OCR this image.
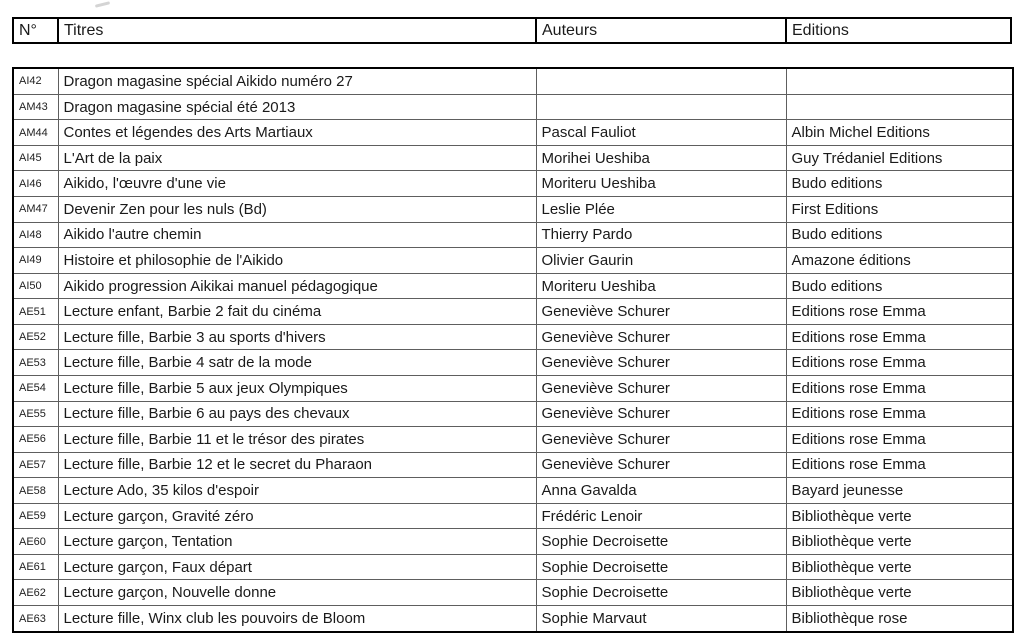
N°	Titres	Auteurs	Editions
AI42	Dragon magasine spécial Aikido numéro 27		
AM43	Dragon magasine spécial été 2013		
AM44	Contes et légendes des Arts Martiaux	Pascal Fauliot	Albin Michel Editions
AI45	L'Art de la paix	Morihei Ueshiba	Guy Trédaniel Editions
AI46	Aikido, l'œuvre d'une vie	Moriteru Ueshiba	Budo editions
AM47	Devenir Zen pour les nuls (Bd)	Leslie Plée	First Editions
AI48	Aikido l'autre chemin	Thierry Pardo	Budo editions
AI49	Histoire et philosophie de l'Aikido	Olivier Gaurin	Amazone éditions
AI50	Aikido progression Aikikai manuel pédagogique	Moriteru Ueshiba	Budo editions
AE51	Lecture enfant, Barbie 2 fait du cinéma	Geneviève Schurer	Editions rose Emma
AE52	Lecture fille, Barbie 3 au sports d'hivers	Geneviève Schurer	Editions rose Emma
AE53	Lecture fille, Barbie 4 satr de la mode	Geneviève Schurer	Editions rose Emma
AE54	Lecture fille, Barbie 5 aux jeux Olympiques	Geneviève Schurer	Editions rose Emma
AE55	Lecture fille, Barbie 6 au pays des chevaux	Geneviève Schurer	Editions rose Emma
AE56	Lecture fille, Barbie 11 et le trésor des pirates	Geneviève Schurer	Editions rose Emma
AE57	Lecture fille, Barbie 12 et le secret du Pharaon	Geneviève Schurer	Editions rose Emma
AE58	Lecture Ado, 35 kilos d'espoir	Anna Gavalda	Bayard jeunesse
AE59	Lecture garçon, Gravité zéro	Frédéric Lenoir	Bibliothèque verte
AE60	Lecture garçon, Tentation	Sophie Decroisette	Bibliothèque verte
AE61	Lecture garçon, Faux départ	Sophie Decroisette	Bibliothèque verte
AE62	Lecture garçon, Nouvelle donne	Sophie Decroisette	Bibliothèque verte
AE63	Lecture fille, Winx club les pouvoirs de Bloom	Sophie Marvaut	Bibliothèque rose
